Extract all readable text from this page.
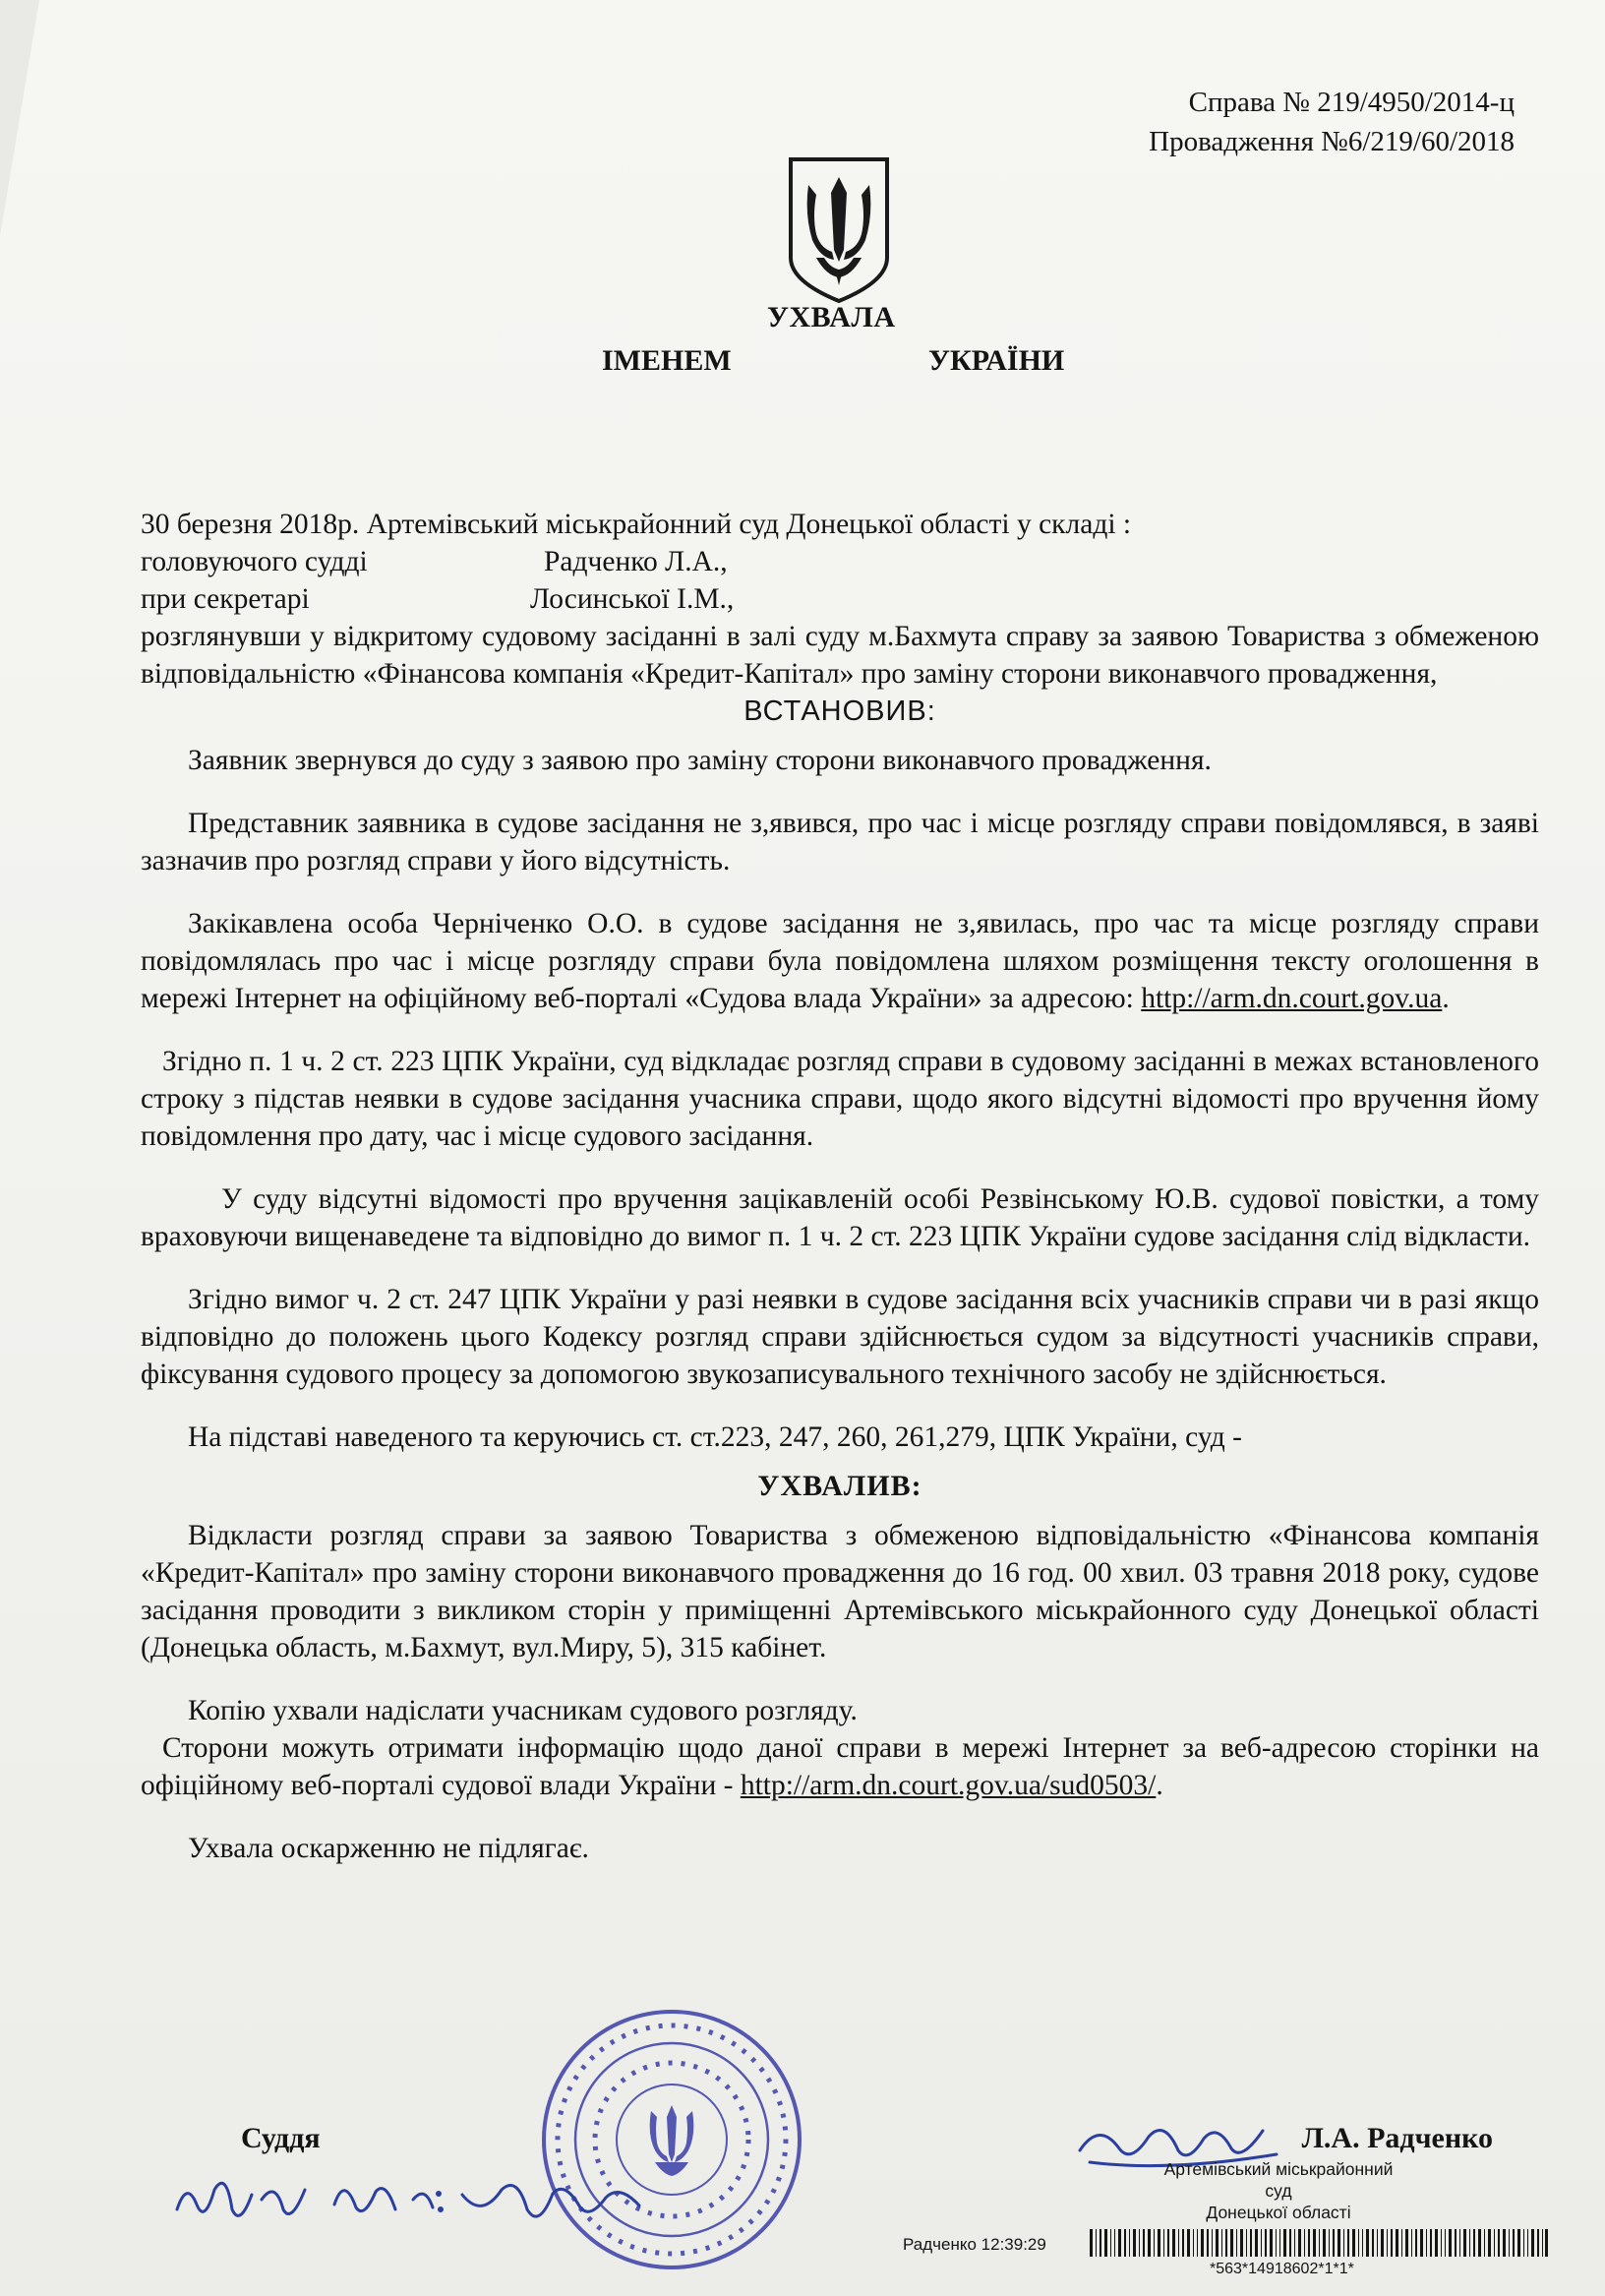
Справа № 219/4950/2014-ц
Провадження №6/219/60/2018
УХВАЛА
ІМЕНЕМ	УКРАЇНИ

30 березня 2018р. Артемівський міськрайонний суд Донецької області у складі :

головуючого судді	Радченко Л.А.,
при секретарі	Лосинської І.М.,

розглянувши у відкритому судовому засіданні в залі суду м.Бахмута справу за заявою Товариства з обмеженою відповідальністю «Фінансова компанія «Кредит-Капітал» про заміну сторони виконавчого провадження,

ВСТАНОВИВ:

Заявник звернувся до суду з заявою про заміну сторони виконавчого провадження.

Представник заявника в судове засідання не з,явився, про час і місце розгляду справи повідомлявся, в заяві зазначив про розгляд справи у його відсутність.

Закікавлена особа Черніченко О.О. в судове засідання не з,явилась, про час та місце розгляду справи повідомлялась про час і місце розгляду справи була повідомлена шляхом розміщення тексту оголошення в мережі Інтернет на офіційному веб-порталі «Судова влада України» за адресою: http://arm.dn.court.gov.ua.

Згідно п. 1 ч. 2 ст. 223 ЦПК України, суд відкладає розгляд справи в судовому засіданні в межах встановленого строку з підстав неявки в судове засідання учасника справи, щодо якого відсутні відомості про вручення йому повідомлення про дату, час і місце судового засідання.

У суду відсутні відомості про вручення зацікавленій особі Резвінському Ю.В. судової повістки, а тому враховуючи вищенаведене та відповідно до вимог п. 1 ч. 2 ст. 223 ЦПК України судове засідання слід відкласти.

Згідно вимог ч. 2 ст. 247 ЦПК України у разі неявки в судове засідання всіх учасників справи чи в разі якщо відповідно до положень цього Кодексу розгляд справи здійснюється судом за відсутності учасників справи, фіксування судового процесу за допомогою звукозаписувального технічного засобу не здійснюється.

На підставі наведеного та керуючись ст. ст.223, 247, 260, 261,279, ЦПК України, суд -

УХВАЛИВ:

Відкласти розгляд справи за заявою Товариства з обмеженою відповідальністю «Фінансова компанія «Кредит-Капітал» про заміну сторони виконавчого провадження до 16 год. 00 хвил. 03 травня 2018 року, судове засідання проводити з викликом сторін у приміщенні Артемівського міськрайонного суду Донецької області (Донецька область, м.Бахмут, вул.Миру, 5), 315 кабінет.

Копію ухвали надіслати учасникам судового розгляду.

Сторони можуть отримати інформацію щодо даної справи в мережі Інтернет за веб-адресою сторінки на офіційному веб-порталі судової влади України - http://arm.dn.court.gov.ua/sud0503/.

Ухвала оскарженню не підлягає.

Суддя	Л.А. Радченко
Артемівський міськрайонний суд
Донецької області
Радченко 12:39:29
*563*14918602*1*1*
